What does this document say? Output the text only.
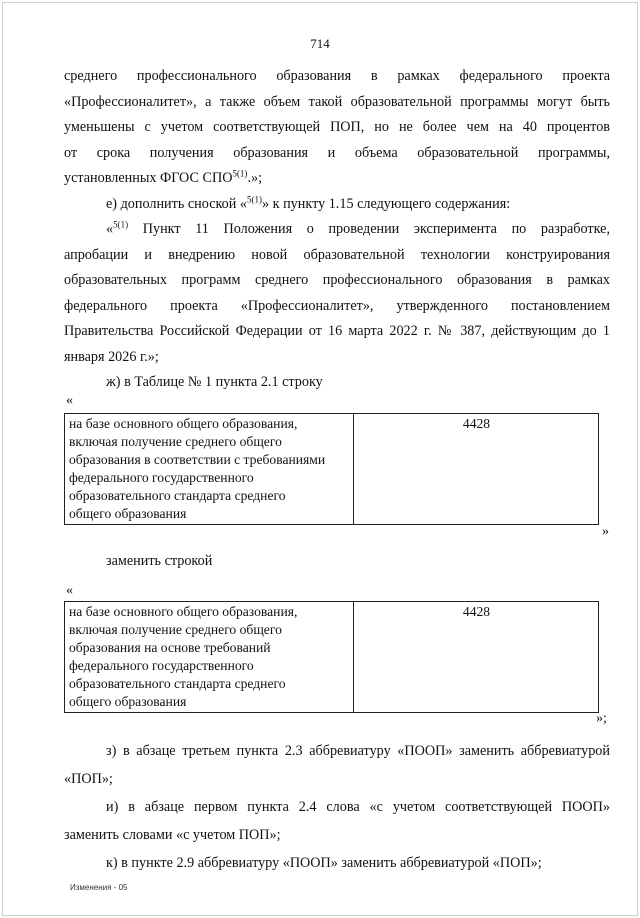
714
среднего профессионального образования в рамках федерального проекта
«Профессионалитет», а также объем такой образовательной программы могут быть
уменьшены с учетом соответствующей ПОП, но не более чем на 40 процентов
от срока получения образования и объема образовательной программы,
установленных ФГОС $СПО^{5(1)}$.»;
е) дополнить сноской «$^{5(1)}$» к пункту 1.15 следующего содержания:
«$^{5(1)}$ Пункт 11 Положения о проведении эксперимента по разработке,
апробации и внедрению новой образовательной технологии конструирования
образовательных программ среднего профессионального образования в рамках
федерального проекта «Профессионалитет», утвержденного постановлением
Правительства Российской Федерации от 16 марта 2022 г. № 387, действующим до 1
января 2026 г.»;
ж) в Таблице № 1 пункта 2.1 строку
«
на базе основного общего образования,
включая получение среднего общего
образования в соответствии с требованиями
федерального государственного
образовательного стандарта среднего
общего образования
	4428
»
заменить строкой
«
на базе основного общего образования,
включая получение среднего общего
образования на основе требований
федерального государственного
образовательного стандарта среднего
общего образования
	4428
»;
з) в абзаце третьем пункта 2.3 аббревиатуру «ПООП» заменить аббревиатурой
«ПОП»;
и) в абзаце первом пункта 2.4 слова «с учетом соответствующей ПООП»
заменить словами «с учетом ПОП»;
к) в пункте 2.9 аббревиатуру «ПООП» заменить аббревиатурой «ПОП»;
Изменения - 05
